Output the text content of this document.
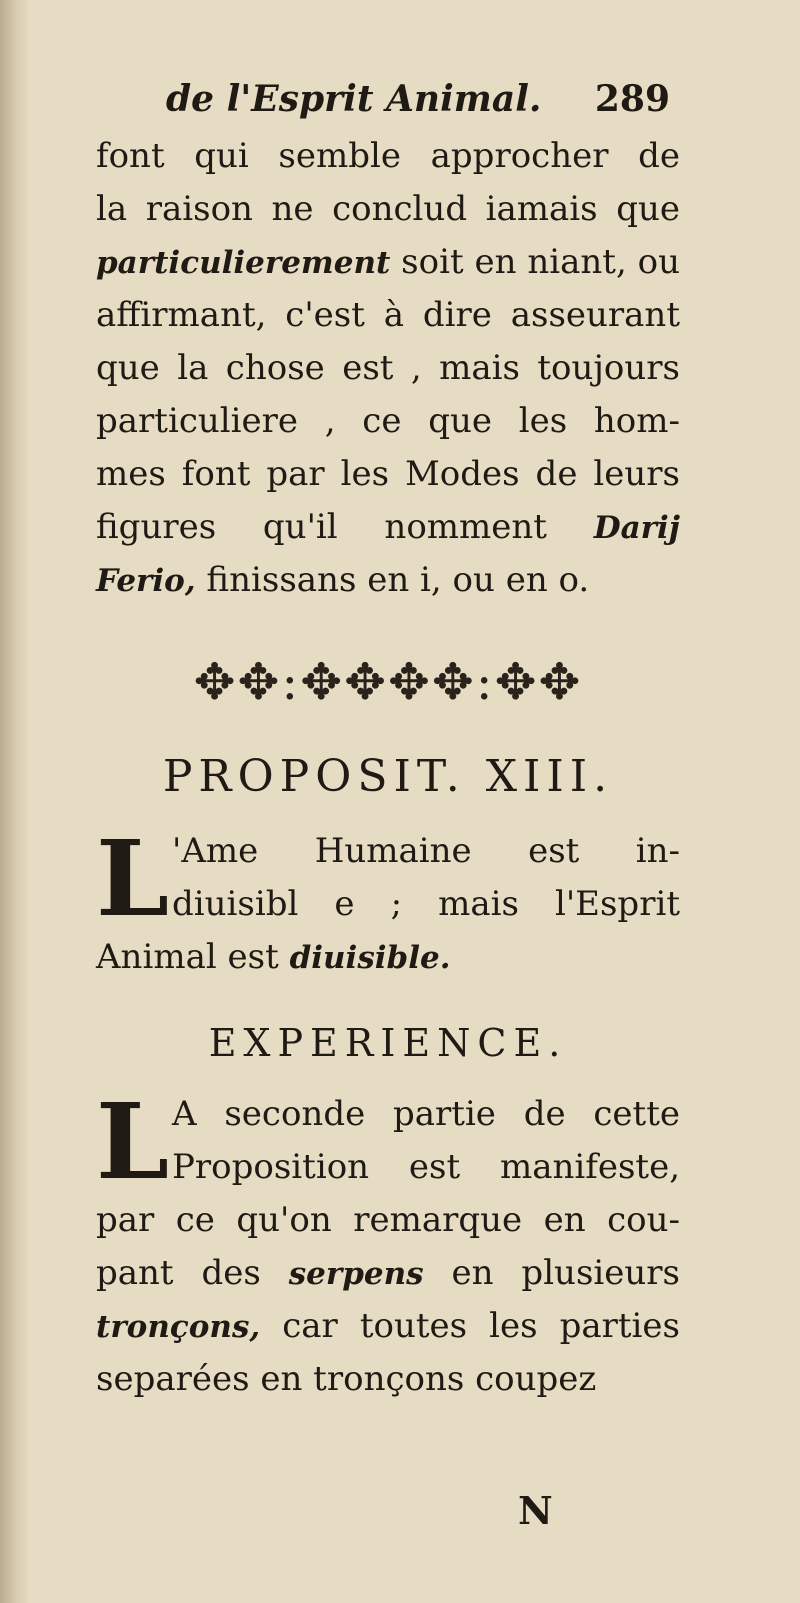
de l'Esprit Animal. 289
font qui semble approcher de
la raison ne conclud iamais que
particulierement soit en niant, ou
affirmant, c'est à dire asseurant
que la chose est , mais toujours
particuliere , ce que les hom-
mes font par les Modes de leurs
figures qu'il nomment Darij
Ferio, finissans en i, ou en o.
✥✥:✥✥✥✥:✥✥
PROPOSIT. XIII.
L 'Ame Humaine est in-
diuisibl e ; mais l'Esprit
Animal est diuisible.
EXPERIENCE.
L A seconde partie de cette
Proposition est manifeste,
par ce qu'on remarque en cou-
pant des serpens en plusieurs
tronçons, car toutes les parties
separées en tronçons coupez
N
